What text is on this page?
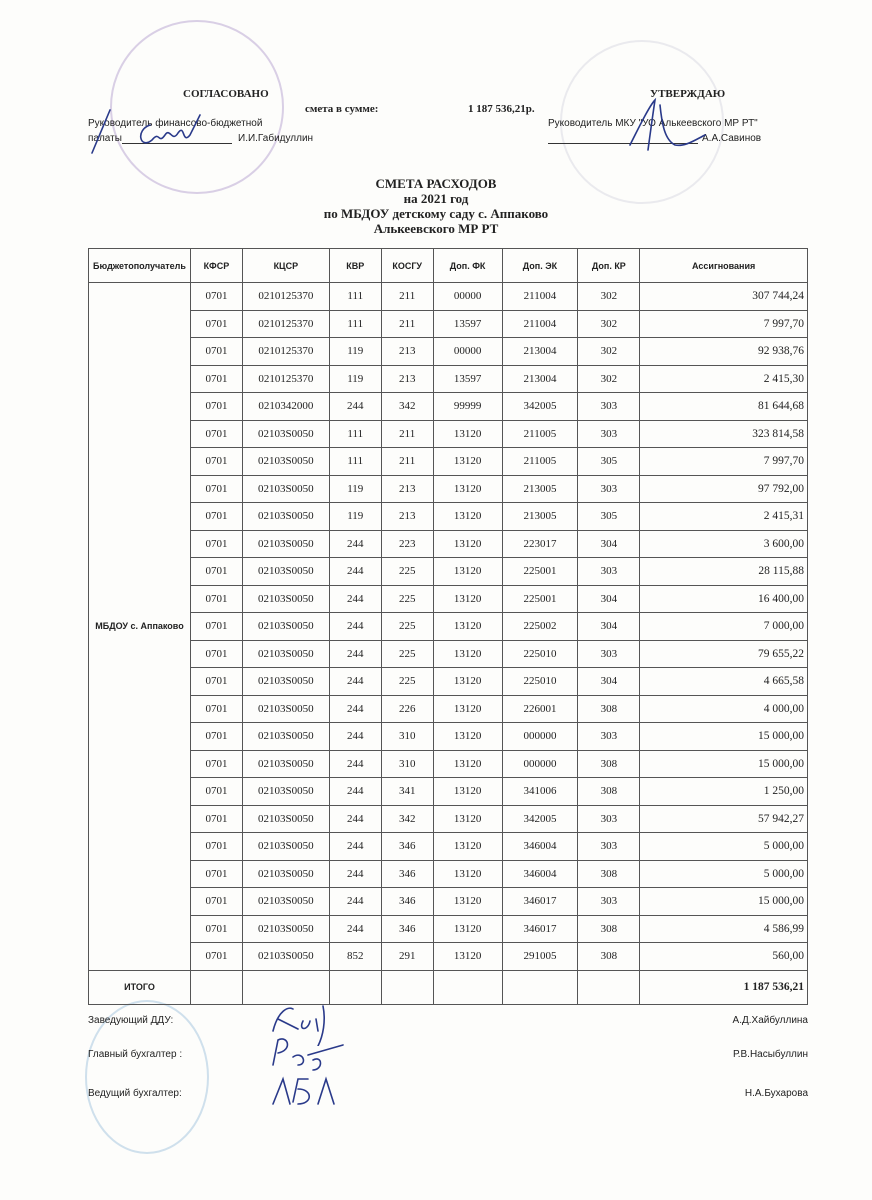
СОГЛАСОВАНО
смета в сумме:	1 187 536,21р.
УТВЕРЖДАЮ
Руководитель финансово-бюджетной
палаты	И.И.Габидуллин
Руководитель МКУ "УО Алькеевского МР РТ"
А.А.Савинов
СМЕТА РАСХОДОВ
на 2021 год
по МБДОУ детскому саду с. Аппаково
Алькеевского МР РТ
Бюджетополучатель	КФСР	КЦСР	КВР	КОСГУ	Доп. ФК	Доп. ЭК	Доп. КР	Ассигнования
МБДОУ с. Аппаково	0701	0210125370	111	211	00000	211004	302	307 744,24
	0701	0210125370	111	211	13597	211004	302	7 997,70
	0701	0210125370	119	213	00000	213004	302	92 938,76
	0701	0210125370	119	213	13597	213004	302	2 415,30
	0701	0210342000	244	342	99999	342005	303	81 644,68
	0701	02103S0050	111	211	13120	211005	303	323 814,58
	0701	02103S0050	111	211	13120	211005	305	7 997,70
	0701	02103S0050	119	213	13120	213005	303	97 792,00
	0701	02103S0050	119	213	13120	213005	305	2 415,31
	0701	02103S0050	244	223	13120	223017	304	3 600,00
	0701	02103S0050	244	225	13120	225001	303	28 115,88
	0701	02103S0050	244	225	13120	225001	304	16 400,00
	0701	02103S0050	244	225	13120	225002	304	7 000,00
	0701	02103S0050	244	225	13120	225010	303	79 655,22
	0701	02103S0050	244	225	13120	225010	304	4 665,58
	0701	02103S0050	244	226	13120	226001	308	4 000,00
	0701	02103S0050	244	310	13120	000000	303	15 000,00
	0701	02103S0050	244	310	13120	000000	308	15 000,00
	0701	02103S0050	244	341	13120	341006	308	1 250,00
	0701	02103S0050	244	342	13120	342005	303	57 942,27
	0701	02103S0050	244	346	13120	346004	303	5 000,00
	0701	02103S0050	244	346	13120	346004	308	5 000,00
	0701	02103S0050	244	346	13120	346017	303	15 000,00
	0701	02103S0050	244	346	13120	346017	308	4 586,99
	0701	02103S0050	852	291	13120	291005	308	560,00
ИТОГО								1 187 536,21
Заведующий ДДУ:	А.Д.Хайбуллина
Главный бухгалтер :	Р.В.Насыбуллин
Ведущий бухгалтер:	Н.А.Бухарова
